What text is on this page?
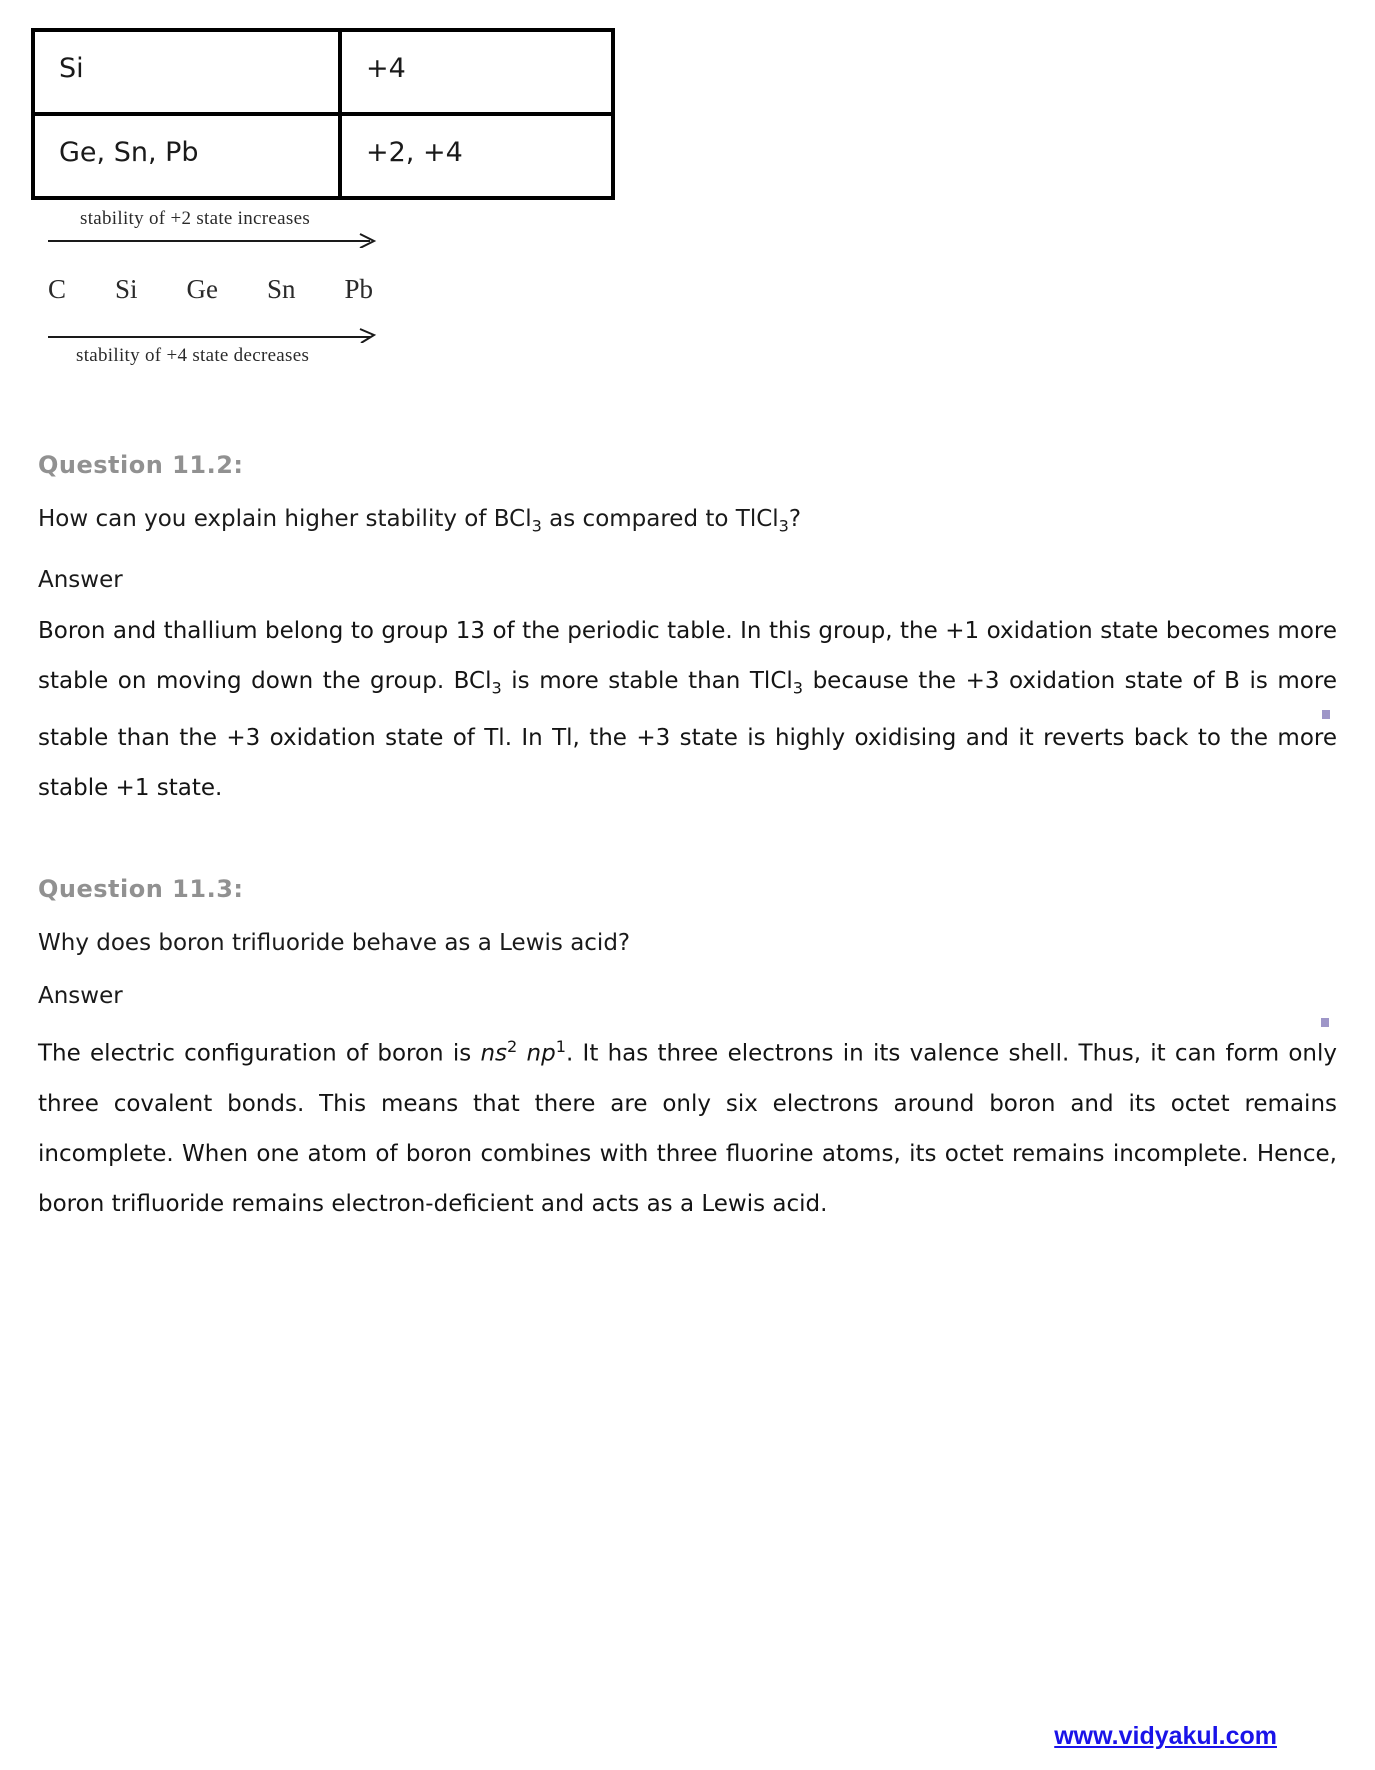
Si	+4
Ge, Sn, Pb	+2, +4
stability of +2 state increases
C Si Ge Sn Pb
stability of +4 state decreases
Question 11.2:
How can you explain higher stability of BCl$_3$ as compared to TlCl$_3$?
Answer
Boron and thallium belong to group 13 of the periodic table. In this group, the +1 oxidation state becomes more stable on moving down the group. BCl$_3$ is more stable than TlCl$_3$ because the +3 oxidation state of B is more stable than the +3 oxidation state of Tl. In Tl, the +3 state is highly oxidising and it reverts back to the more stable +1 state.
Question 11.3:
Why does boron trifluoride behave as a Lewis acid?
Answer
The electric configuration of boron is $ns^2$ $np^1$. It has three electrons in its valence shell. Thus, it can form only three covalent bonds. This means that there are only six electrons around boron and its octet remains incomplete. When one atom of boron combines with three fluorine atoms, its octet remains incomplete. Hence, boron trifluoride remains electron-deficient and acts as a Lewis acid.
www.vidyakul.com
